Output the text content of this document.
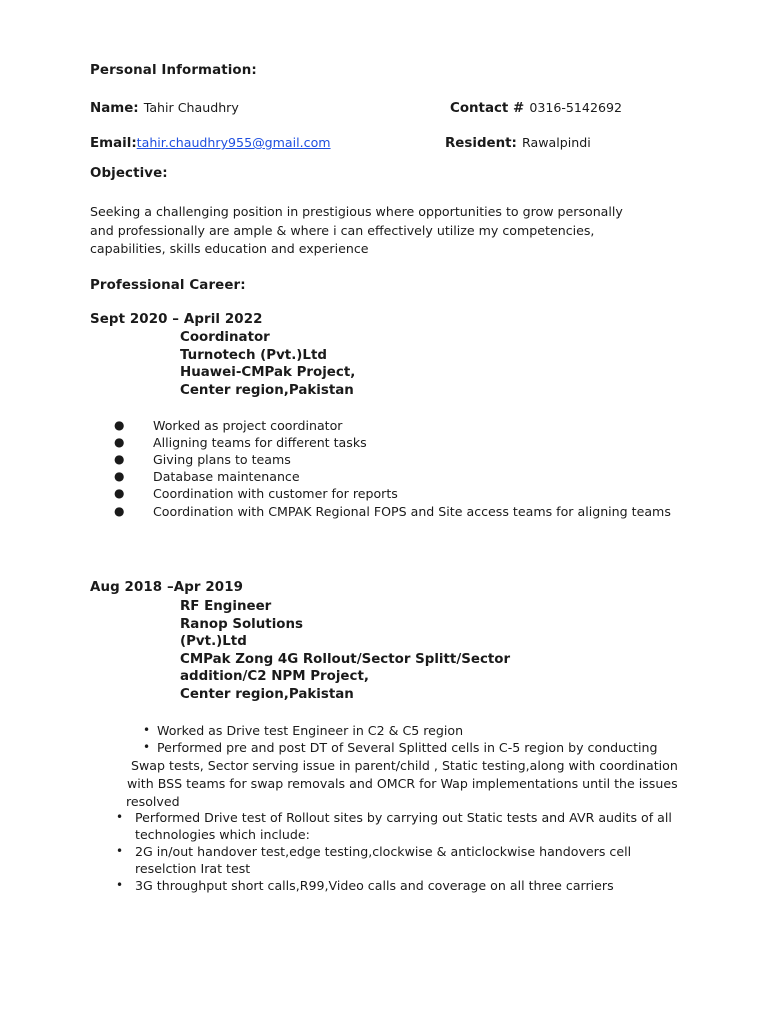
Personal Information:
Name: Tahir Chaudhry	Contact # 0316-5142692
Email:tahir.chaudhry955@gmail.com	Resident: Rawalpindi
Objective:
Seeking a challenging position in prestigious where opportunities to grow personally and professionally are ample & where i can effectively utilize my competencies, capabilities, skills education and experience
Professional Career:
Sept 2020 – April 2022
Coordinator
Turnotech (Pvt.)Ltd
Huawei-CMPak Project,
Center region,Pakistan
● Worked as project coordinator
● Alligning teams for different tasks
● Giving plans to teams
● Database maintenance
● Coordination with customer for reports
● Coordination with CMPAK Regional FOPS and Site access teams for aligning teams
Aug 2018 –Apr 2019
RF Engineer
Ranop Solutions
(Pvt.)Ltd
CMPak Zong 4G Rollout/Sector Splitt/Sector
addition/C2 NPM Project,
Center region,Pakistan
• Worked as Drive test Engineer in C2 & C5 region
• Performed pre and post DT of Several Splitted cells in C-5 region by conducting
Swap tests, Sector serving issue in parent/child , Static testing,along with coordination
with BSS teams for swap removals and OMCR for Wap implementations until the issues
resolved
• Performed Drive test of Rollout sites by carrying out Static tests and AVR audits of all
technologies which include:
• 2G in/out handover test,edge testing,clockwise & anticlockwise handovers cell
reselction Irat test
• 3G throughput short calls,R99,Video calls and coverage on all three carriers
